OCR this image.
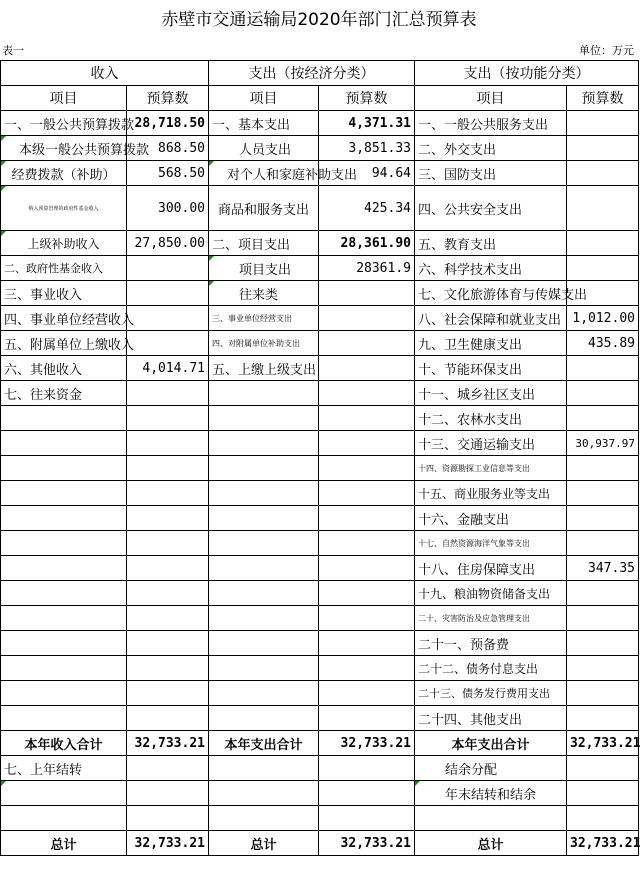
赤壁市交通运输局2020年部门汇总预算表
表一	单位：万元
收入		支出（按经济分类）		支出（按功能分类）	
项目	预算数	项目	预算数	项目	预算数
一、一般公共预算拨款	28,718.50	一、基本支出	4,371.31	一、一般公共服务支出	
本级一般公共预算拨款	868.50	人员支出	3,851.33	二、外交支出	
经费拨款（补助）	568.50	对个人和家庭补助支出	94.64	三、国防支出	
纳入预算管理的政府性基金收入	300.00	商品和服务支出	425.34	四、公共安全支出	
上级补助收入	27,850.00	二、项目支出	28,361.90	五、教育支出	
二、政府性基金收入		项目支出	28361.9	六、科学技术支出	
三、事业收入		往来类		七、文化旅游体育与传媒支出	
四、事业单位经营收入		三、事业单位经营支出		八、社会保障和就业支出	1,012.00
五、附属单位上缴收入		四、对附属单位补助支出		九、卫生健康支出	435.89
六、其他收入	4,014.71	五、上缴上级支出		十、节能环保支出	
七、往来资金				十一、城乡社区支出	
				十二、农林水支出	
				十三、交通运输支出	30,937.97
				十四、资源勘探工业信息等支出	
				十五、商业服务业等支出	
				十六、金融支出	
				十七、自然资源海洋气象等支出	
				十八、住房保障支出	347.35
				十九、粮油物资储备支出	
				二十、灾害防治及应急管理支出	
				二十一、预备费	
				二十二、债务付息支出	
				二十三、债务发行费用支出	
				二十四、其他支出	
本年收入合计	32,733.21	本年支出合计	32,733.21	本年支出合计	32,733.21
七、上年结转				结余分配	
				年末结转和结余	

总计	32,733.21	总计	32,733.21	总计	32,733.21
